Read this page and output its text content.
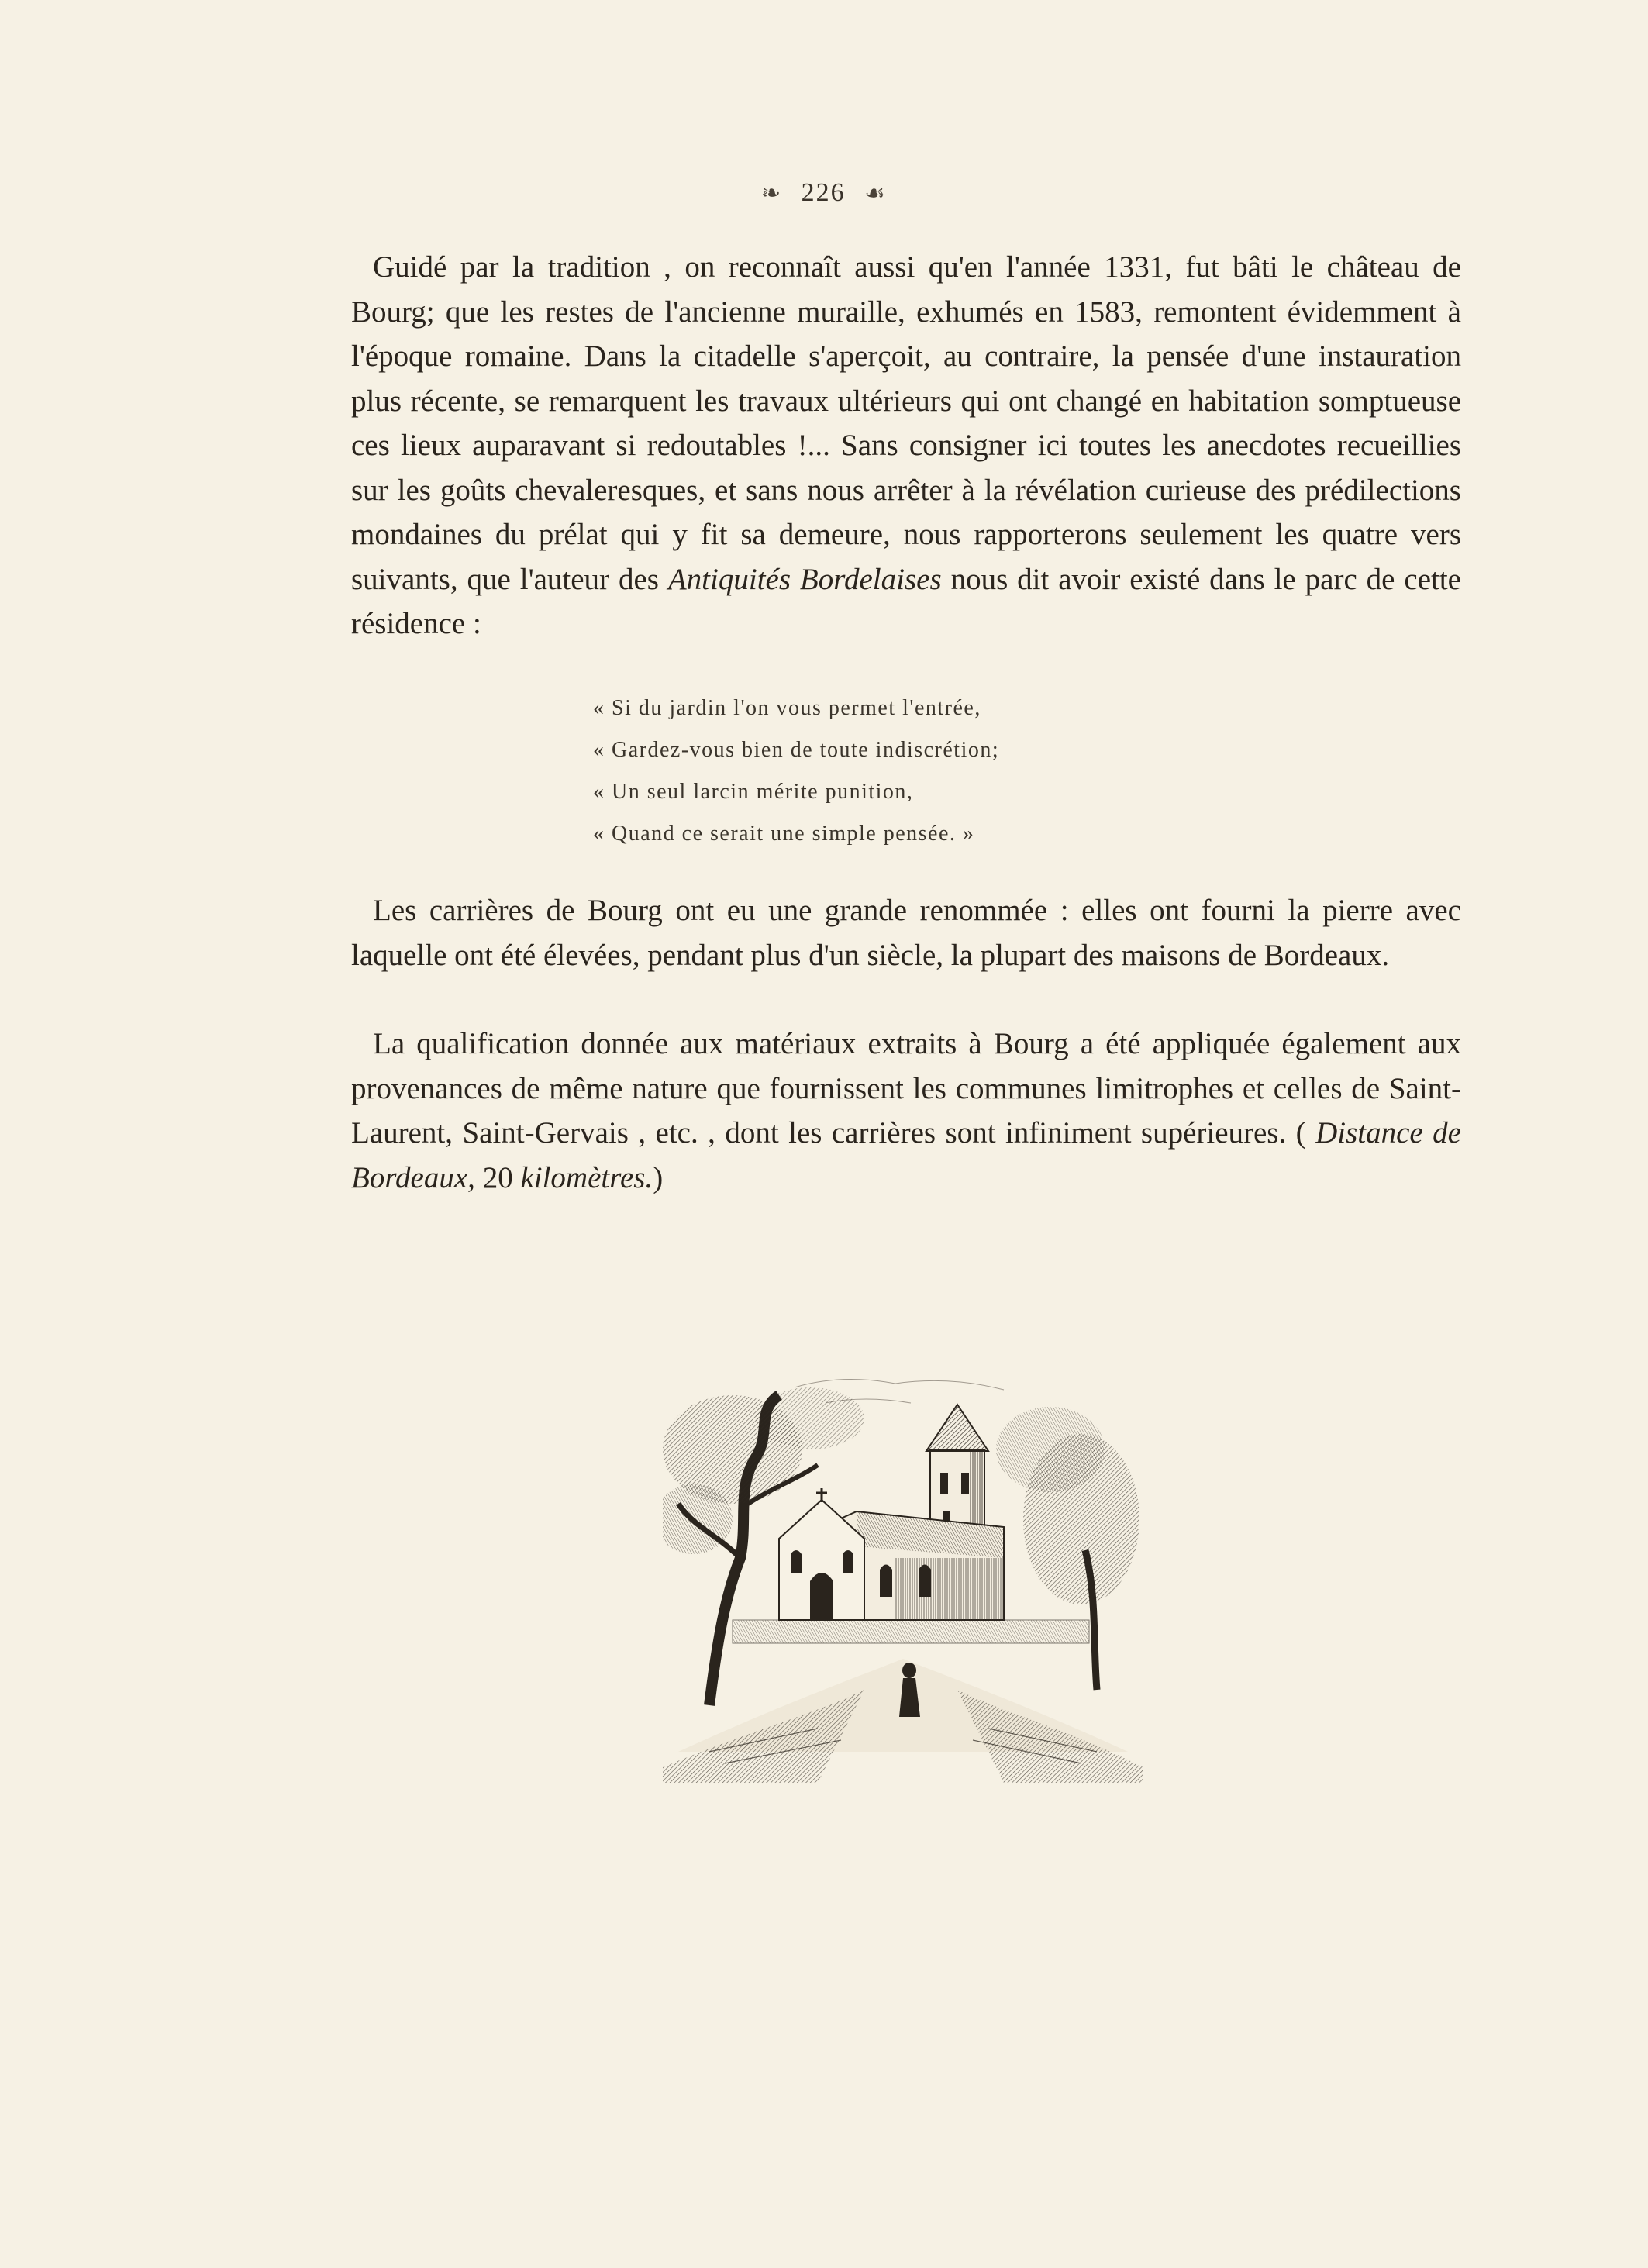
❧ 226 ☙

Guidé par la tradition , on reconnaît aussi qu'en l'année 1331, fut bâti le château de Bourg; que les restes de l'ancienne muraille, exhumés en 1583, remontent évidemment à l'époque romaine. Dans la citadelle s'aperçoit, au contraire, la pensée d'une instauration plus récente, se remarquent les travaux ultérieurs qui ont changé en habitation somptueuse ces lieux auparavant si redoutables !... Sans consigner ici toutes les anecdotes recueillies sur les goûts chevaleresques, et sans nous arrêter à la révélation curieuse des prédilections mondaines du prélat qui y fit sa demeure, nous rapporterons seulement les quatre vers suivants, que l'auteur des Antiquités Bordelaises nous dit avoir existé dans le parc de cette résidence :

« Si du jardin l'on vous permet l'entrée,
« Gardez-vous bien de toute indiscrétion;
« Un seul larcin mérite punition,
« Quand ce serait une simple pensée. »

Les carrières de Bourg ont eu une grande renommée : elles ont fourni la pierre avec laquelle ont été élevées, pendant plus d'un siècle, la plupart des maisons de Bordeaux.

La qualification donnée aux matériaux extraits à Bourg a été appliquée également aux provenances de même nature que fournissent les communes limitrophes et celles de Saint-Laurent, Saint-Gervais , etc. , dont les carrières sont infiniment supérieures. ( Distance de Bordeaux, 20 kilomètres.)
